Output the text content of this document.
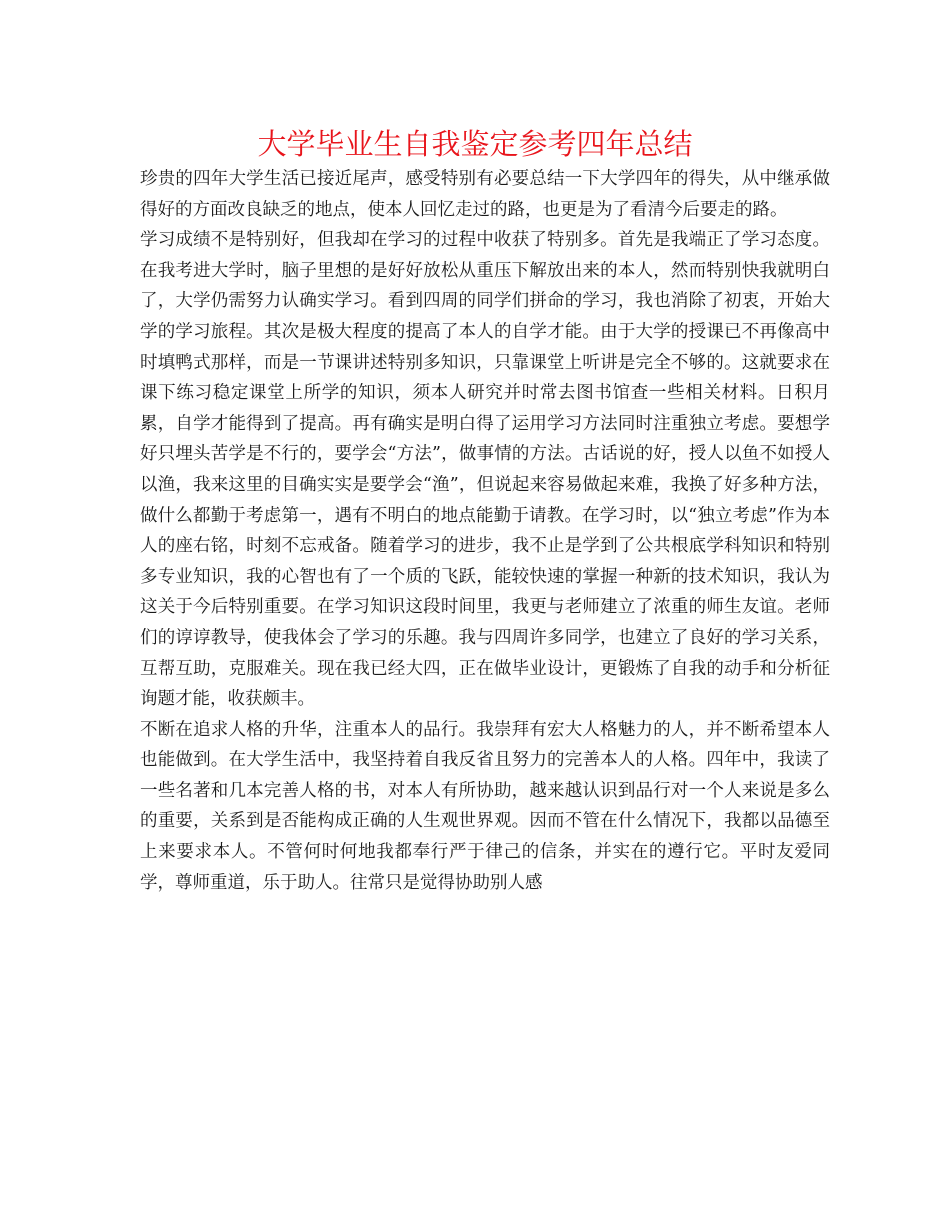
大学毕业生自我鉴定参考四年总结

珍贵的四年大学生活已接近尾声，感受特别有必要总结一下大学四年的得失，从中继承做得好的方面改良缺乏的地点，使本人回忆走过的路，也更是为了看清今后要走的路。

学习成绩不是特别好，但我却在学习的过程中收获了特别多。首先是我端正了学习态度。在我考进大学时，脑子里想的是好好放松从重压下解放出来的本人，然而特别快我就明白了，大学仍需努力认确实学习。看到四周的同学们拼命的学习，我也消除了初衷，开始大学的学习旅程。其次是极大程度的提高了本人的自学才能。由于大学的授课已不再像高中时填鸭式那样，而是一节课讲述特别多知识，只靠课堂上听讲是完全不够的。这就要求在课下练习稳定课堂上所学的知识，须本人研究并时常去图书馆查一些相关材料。日积月累，自学才能得到了提高。再有确实是明白得了运用学习方法同时注重独立考虑。要想学好只埋头苦学是不行的，要学会“方法”，做事情的方法。古话说的好，授人以鱼不如授人以渔，我来这里的目确实实是要学会“渔”，但说起来容易做起来难，我换了好多种方法，做什么都勤于考虑第一，遇有不明白的地点能勤于请教。在学习时，以“独立考虑”作为本人的座右铭，时刻不忘戒备。随着学习的进步，我不止是学到了公共根底学科知识和特别多专业知识，我的心智也有了一个质的飞跃，能较快速的掌握一种新的技术知识，我认为这关于今后特别重要。在学习知识这段时间里，我更与老师建立了浓重的师生友谊。老师们的谆谆教导，使我体会了学习的乐趣。我与四周许多同学，也建立了良好的学习关系，互帮互助，克服难关。现在我已经大四，正在做毕业设计，更锻炼了自我的动手和分析征询题才能，收获颇丰。

不断在追求人格的升华，注重本人的品行。我崇拜有宏大人格魅力的人，并不断希望本人也能做到。在大学生活中，我坚持着自我反省且努力的完善本人的人格。四年中，我读了一些名著和几本完善人格的书，对本人有所协助，越来越认识到品行对一个人来说是多么的重要，关系到是否能构成正确的人生观世界观。因而不管在什么情况下，我都以品德至上来要求本人。不管何时何地我都奉行严于律己的信条，并实在的遵行它。平时友爱同学，尊师重道，乐于助人。往常只是觉得协助别人感
